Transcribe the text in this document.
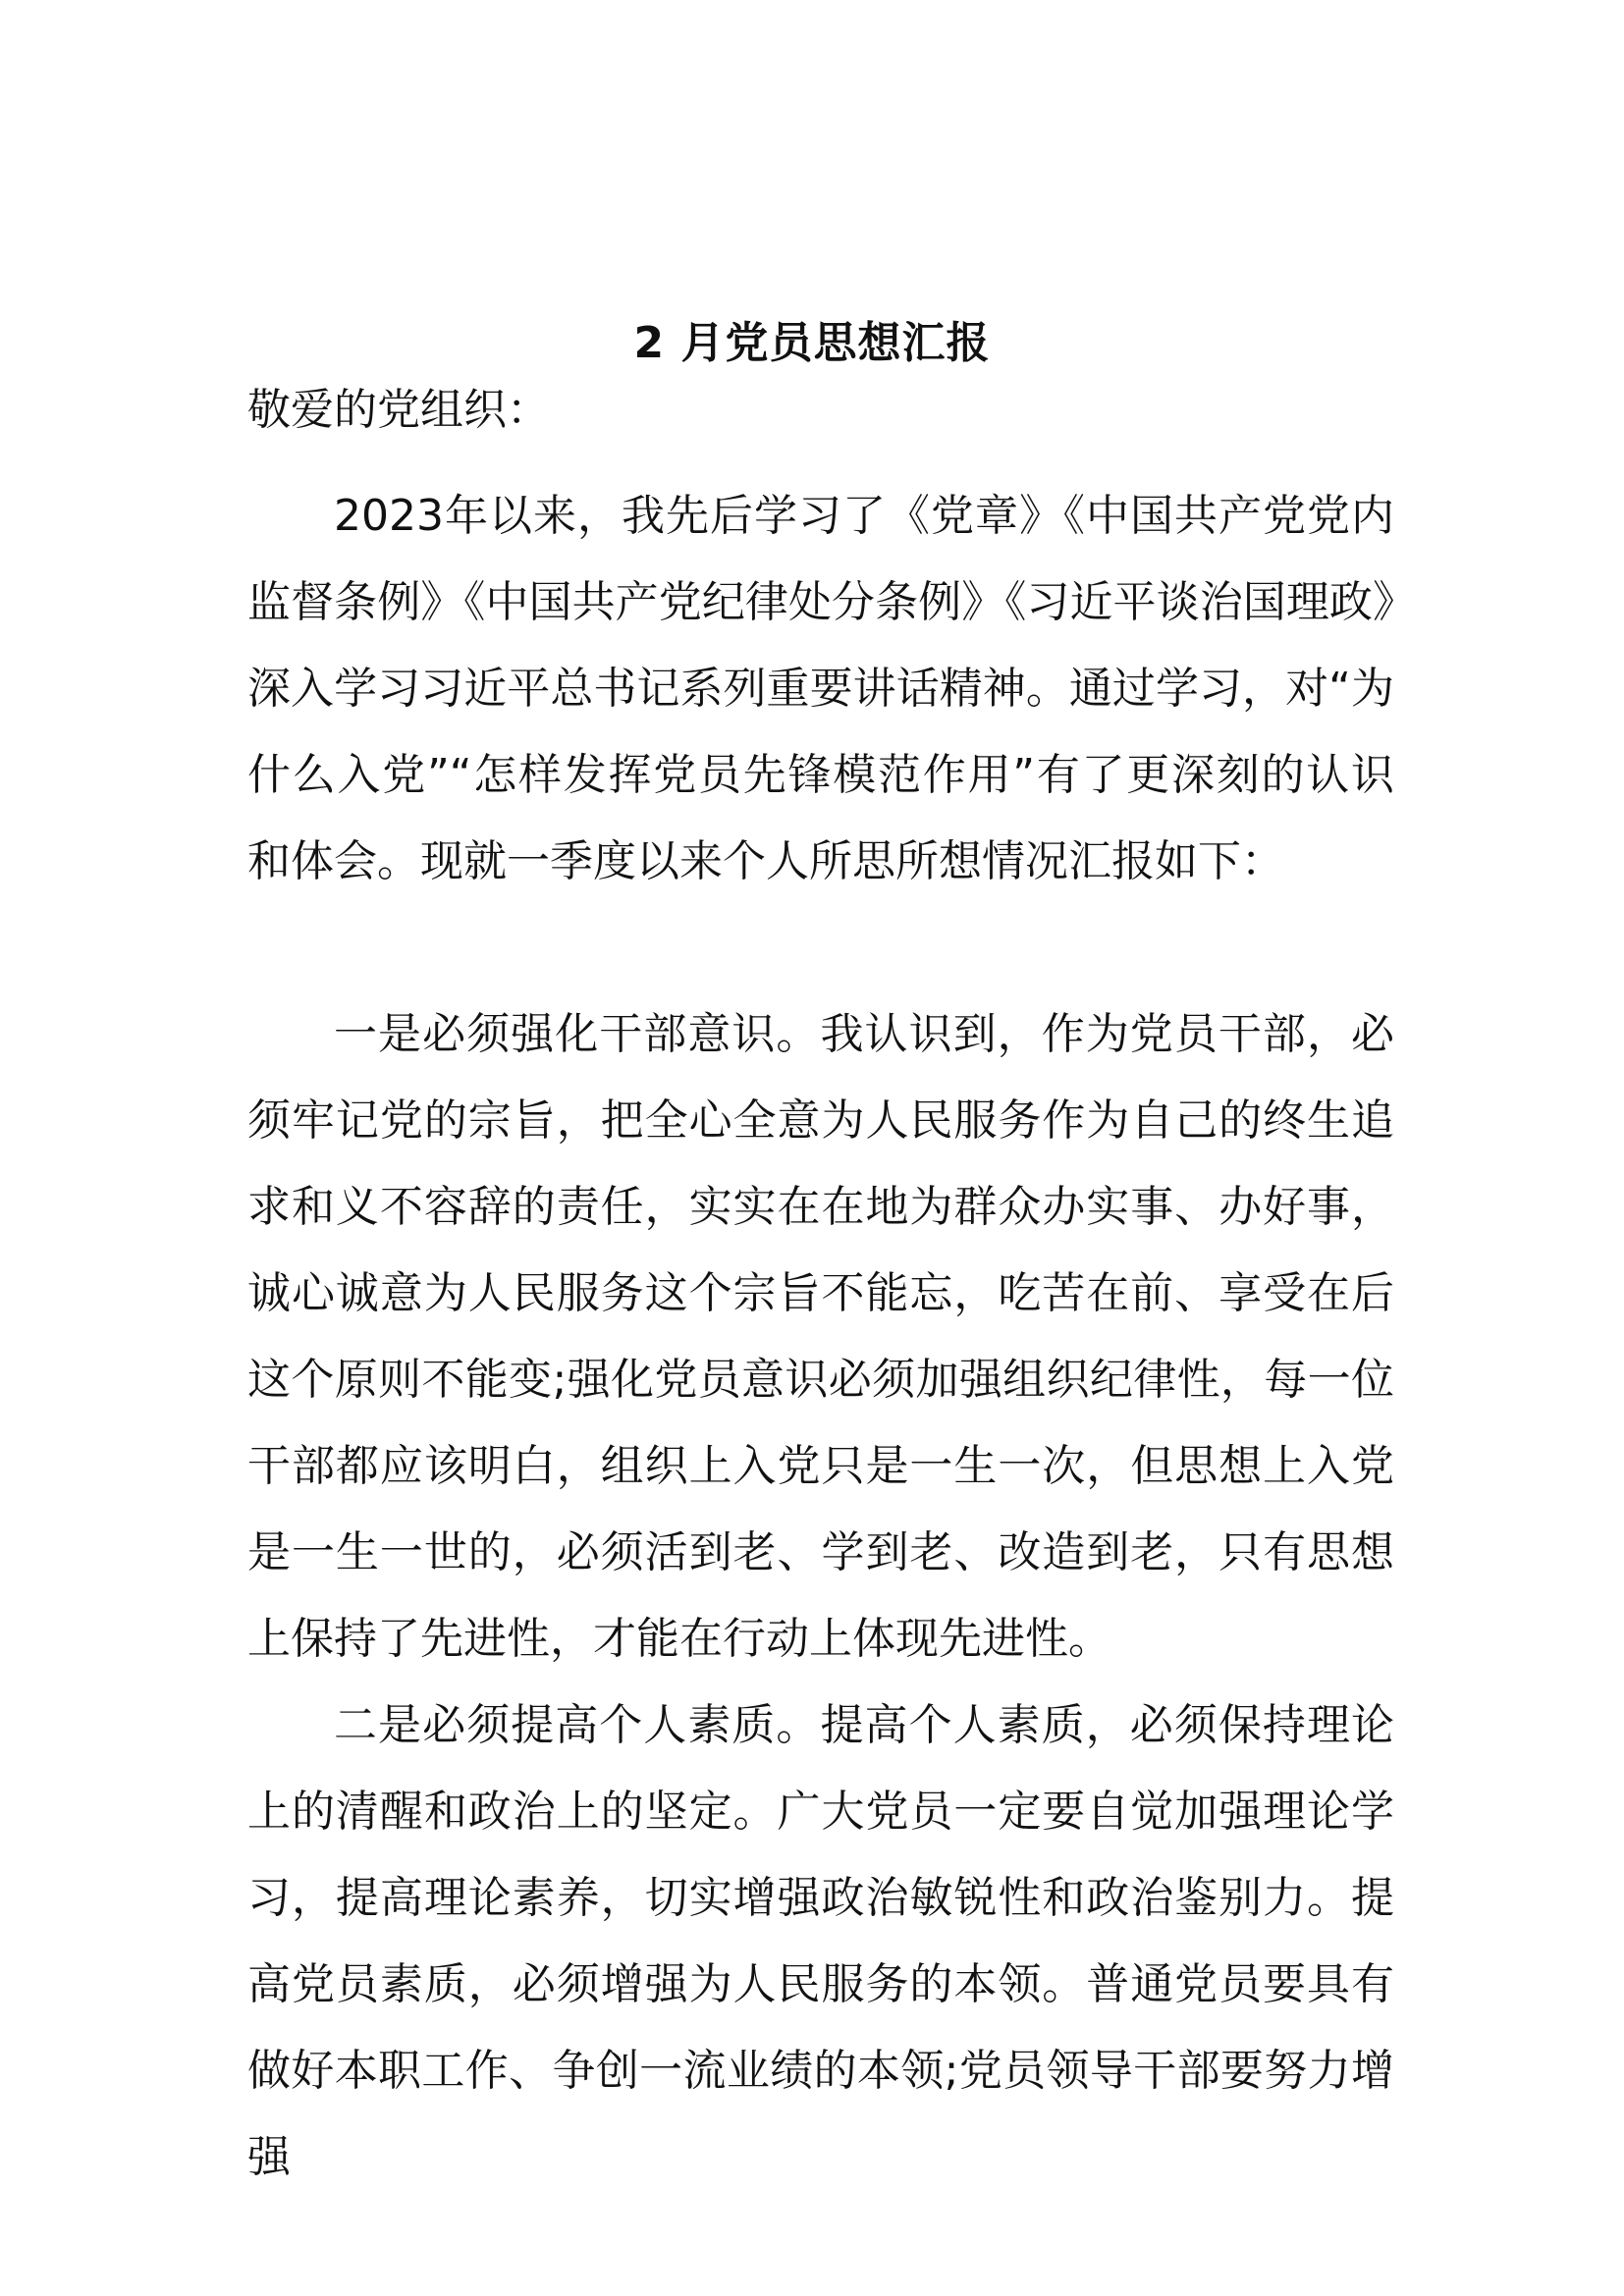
2 月党员思想汇报

敬爱的党组织：

2023年以来，我先后学习了《党章》《中国共产党党内监督条例》《中国共产党纪律处分条例》《习近平谈治国理政》深入学习习近平总书记系列重要讲话精神。通过学习，对“为什么入党”“怎样发挥党员先锋模范作用”有了更深刻的认识和体会。现就一季度以来个人所思所想情况汇报如下：

一是必须强化干部意识。我认识到，作为党员干部，必须牢记党的宗旨，把全心全意为人民服务作为自己的终生追求和义不容辞的责任，实实在在地为群众办实事、办好事，诚心诚意为人民服务这个宗旨不能忘，吃苦在前、享受在后这个原则不能变;强化党员意识必须加强组织纪律性，每一位干部都应该明白，组织上入党只是一生一次，但思想上入党是一生一世的，必须活到老、学到老、改造到老，只有思想上保持了先进性，才能在行动上体现先进性。

二是必须提高个人素质。提高个人素质，必须保持理论上的清醒和政治上的坚定。广大党员一定要自觉加强理论学习，提高理论素养，切实增强政治敏锐性和政治鉴别力。提高党员素质，必须增强为人民服务的本领。普通党员要具有做好本职工作、争创一流业绩的本领;党员领导干部要努力增强
